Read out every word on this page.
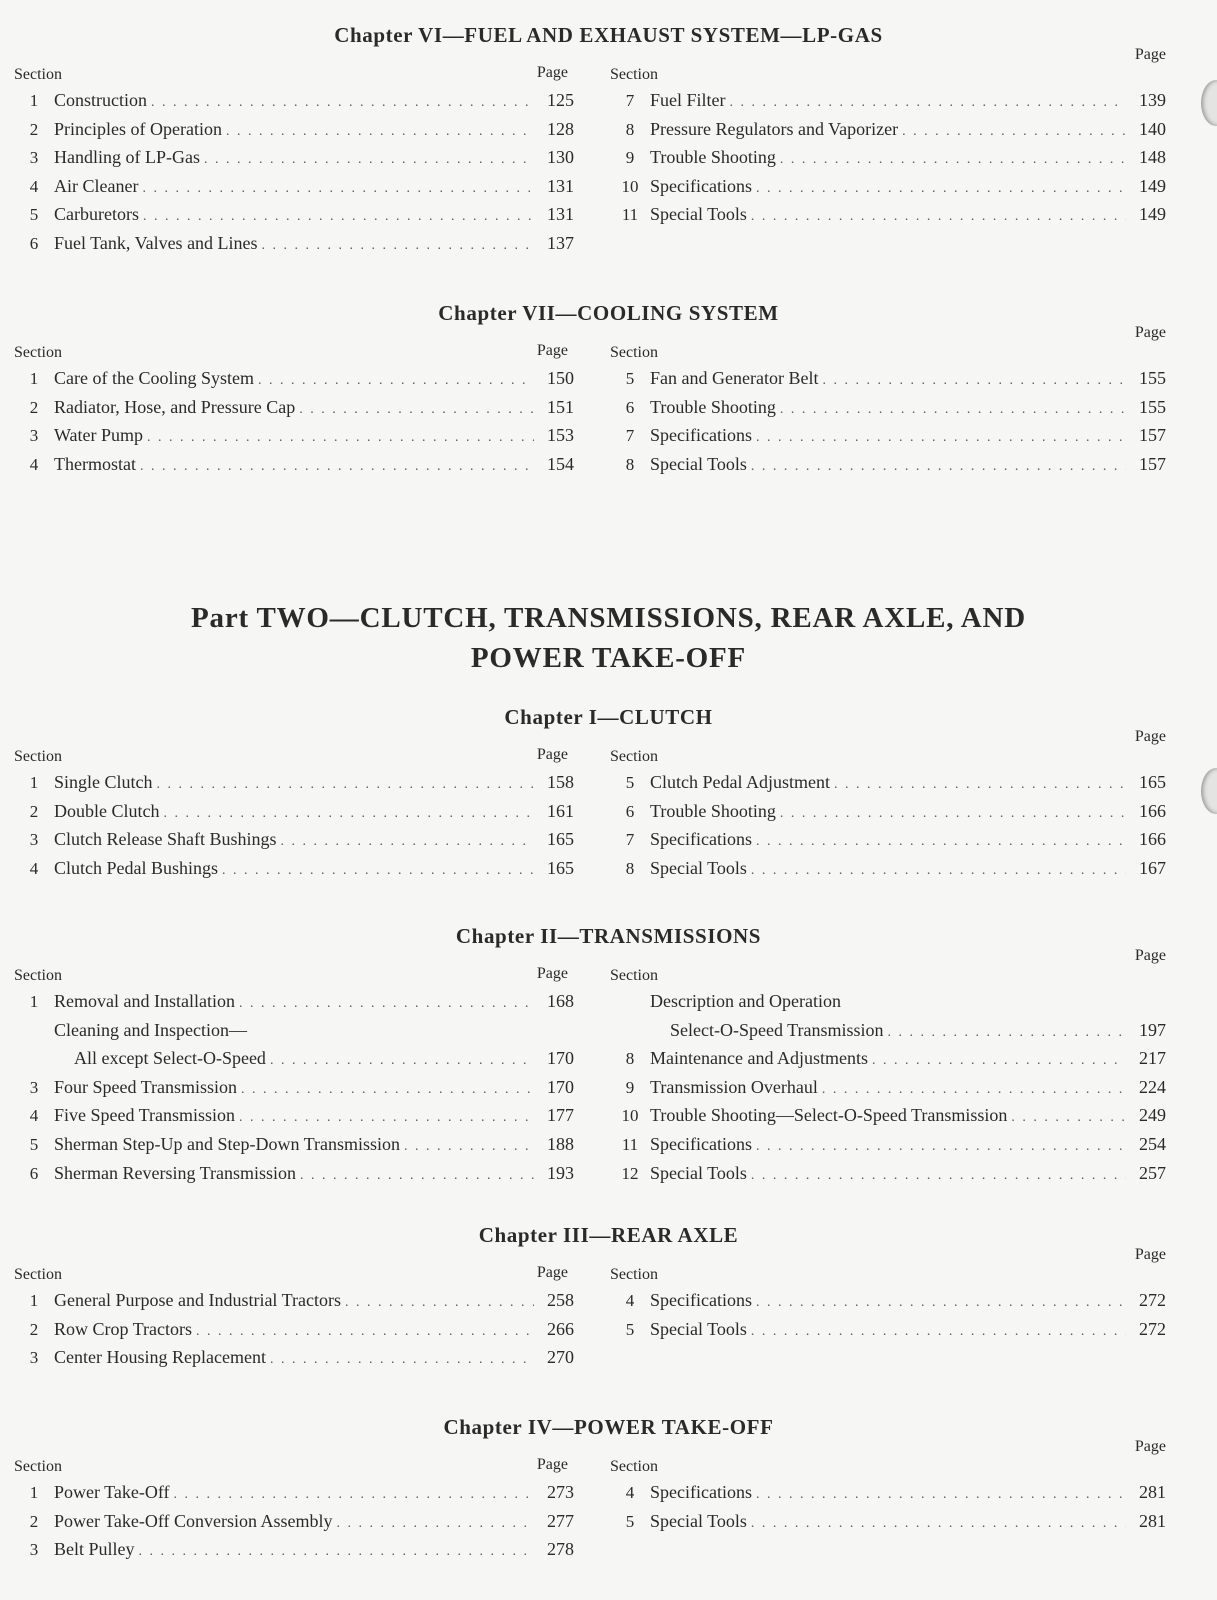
Chapter VI—FUEL AND EXHAUST SYSTEM—LP-GAS
Section	Page
1 Construction . . .	125
2 Principles of Operation . . .	128
3 Handling of LP-Gas . . .	130
4 Air Cleaner . . .	131
5 Carburetors . . .	131
6 Fuel Tank, Valves and Lines . . .	137
Section
Page
7 Fuel Filter . . .	139
8 Pressure Regulators and Vaporizer . . .	140
9 Trouble Shooting . . .	148
10 Specifications . . .	149
11 Special Tools . . .	149
Chapter VII—COOLING SYSTEM
Section	Page
1 Care of the Cooling System . . .	150
2 Radiator, Hose, and Pressure Cap . . .	151
3 Water Pump . . .	153
4 Thermostat . . .	154
Section
Page
5 Fan and Generator Belt . . .	155
6 Trouble Shooting . . .	155
7 Specifications . . .	157
8 Special Tools . . .	157
Part TWO—CLUTCH, TRANSMISSIONS, REAR AXLE, AND
POWER TAKE-OFF
Chapter I—CLUTCH
Section	Page
1 Single Clutch . . .	158
2 Double Clutch . . .	161
3 Clutch Release Shaft Bushings . . .	165
4 Clutch Pedal Bushings . . .	165
Section
Page
5 Clutch Pedal Adjustment . . .	165
6 Trouble Shooting . . .	166
7 Specifications . . .	166
8 Special Tools . . .	167
Chapter II—TRANSMISSIONS
Section	Page
1 Removal and Installation . . .	168
Cleaning and Inspection—
All except Select-O-Speed . . .	170
3 Four Speed Transmission . . .	170
4 Five Speed Transmission . . .	177
5 Sherman Step-Up and Step-Down Transmission . . .	188
6 Sherman Reversing Transmission . . .	193
Section
Page
Description and Operation
Select-O-Speed Transmission . . .	197
8 Maintenance and Adjustments . . .	217
9 Transmission Overhaul . . .	224
10 Trouble Shooting—Select-O-Speed Transmission . . .	249
11 Specifications . . .	254
12 Special Tools . . .	257
Chapter III—REAR AXLE
Section	Page
1 General Purpose and Industrial Tractors . . .	258
2 Row Crop Tractors . . .	266
3 Center Housing Replacement . . .	270
Section
Page
4 Specifications . . .	272
5 Special Tools . . .	272
Chapter IV—POWER TAKE-OFF
Section	Page
1 Power Take-Off . . .	273
2 Power Take-Off Conversion Assembly . . .	277
3 Belt Pulley . . .	278
Section
Page
4 Specifications . . .	281
5 Special Tools . . .	281
